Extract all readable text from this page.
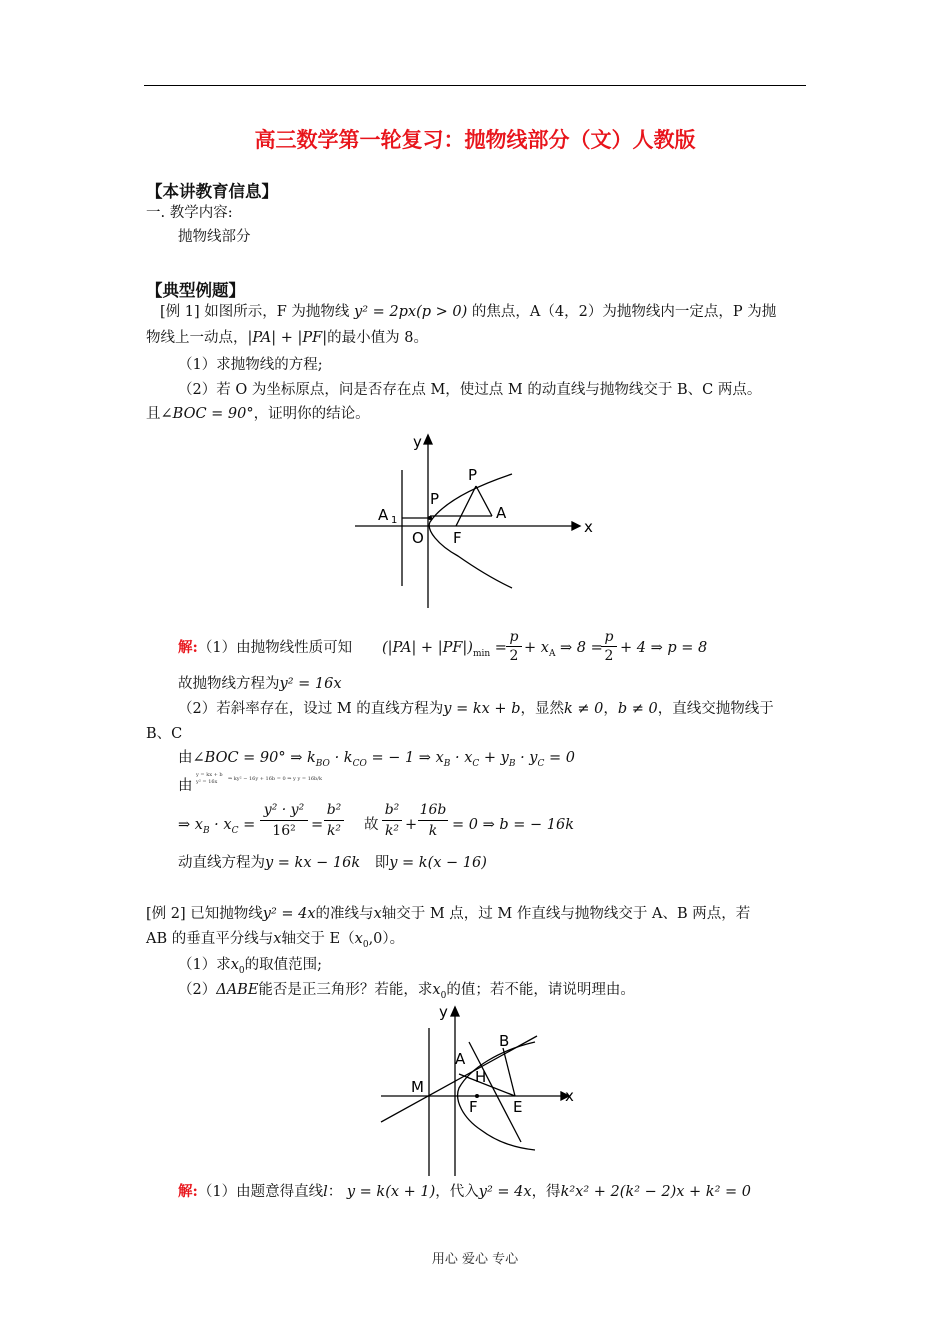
高三数学第一轮复习：抛物线部分（文）人教版
【本讲教育信息】
一. 教学内容:
抛物线部分
【典型例题】
[例 1] 如图所示，F 为抛物线 y² = 2px(p > 0) 的焦点，A（4，2）为抛物线内一定点，P 为抛
物线上一动点，|PA| + |PF|的最小值为 8。
（1）求抛物线的方程;
（2）若 O 为坐标原点，问是否存在点 M，使过点 M 的动直线与抛物线交于 B、C 两点。
且∠BOC = 90°，证明你的结论。
y
x
P
P
A
A 1
O F
解:（1）由抛物线性质可知 $(|PA| + |PF|)_{min}$ =
p
$2 + x_A$ ⇒ 8 =
p
2 + 4 ⇒ p = 8
故抛物线方程为y² = 16x
（2）若斜率存在，设过 M 的直线方程为y = kx + b，显然k ≠ 0，b ≠ 0，直线交抛物线于
B、C
由∠BOC = 90° ⇒ $k_{BO} \cdot k_{CO}$ = − 1 ⇒ $x_B \cdot x_C + y_B \cdot y_C = 0$
由
y = kx + b
y² = 16x	⇒ ky² − 16y + 16b = 0 ⇒ y y = 16b/k
⇒ $x_B \cdot x_C$ =
y² · y²
16²	=
b²
k² 故
b²
k² +
16b
k	= 0 ⇒ b = − 16k
动直线方程为y = kx − 16k 即y = k(x − 16)
[例 2] 已知抛物线y² = 4x的准线与x轴交于 M 点，过 M 作直线与抛物线交于 A、B 两点，若
AB 的垂直平分线与x轴交于 $E(x_0,0)$。
（1）求$x_0$的取值范围;
（2）ΔABE能否是正三角形？若能，求$x_0$的值；若不能，请说明理由。
y
x
B
A
H
M
F E
解:（1）由题意得直线l： y = k(x + 1)，代入y² = 4x，得k²x² + 2(k² − 2)x + k² = 0
用心 爱心 专心
